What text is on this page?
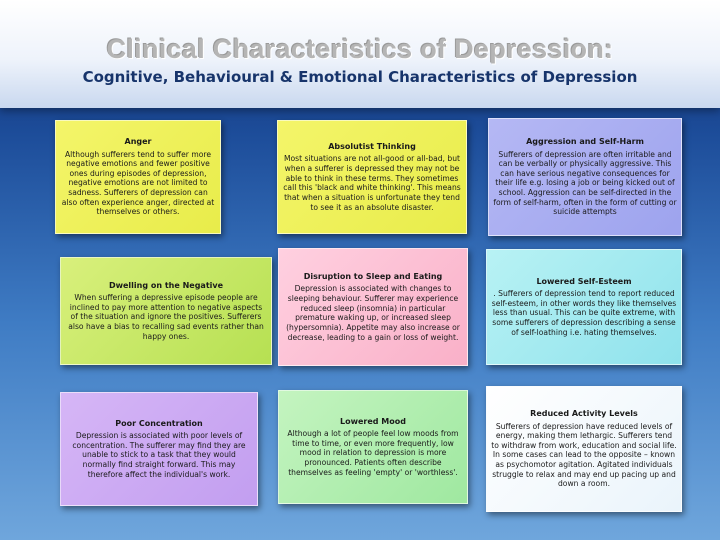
Clinical Characteristics of Depression:
Cognitive, Behavioural & Emotional Characteristics of Depression
Anger
Although sufferers tend to suffer more negative emotions and fewer positive ones during episodes of depression, negative emotions are not limited to sadness. Sufferers of depression can also often experience anger, directed at themselves or others.
Absolutist Thinking
Most situations are not all-good or all-bad, but when a sufferer is depressed they may not be able to think in these terms. They sometimes call this 'black and white thinking'. This means that when a situation is unfortunate they tend to see it as an absolute disaster.
Aggression and Self-Harm
Sufferers of depression are often irritable and can be verbally or physically aggressive. This can have serious negative consequences for their life e.g. losing a job or being kicked out of school. Aggression can be self-directed in the form of self-harm, often in the form of cutting or suicide attempts
Dwelling on the Negative
When suffering a depressive episode people are inclined to pay more attention to negative aspects of the situation and ignore the positives. Sufferers also have a bias to recalling sad events rather than happy ones.
Disruption to Sleep and Eating
Depression is associated with changes to sleeping behaviour. Sufferer may experience reduced sleep (insomnia) in particular premature waking up, or increased sleep (hypersomnia). Appetite may also increase or decrease, leading to a gain or loss of weight.
Lowered Self-Esteem
. Sufferers of depression tend to report reduced self-esteem, in other words they like themselves less than usual. This can be quite extreme, with some sufferers of depression describing a sense of self-loathing i.e. hating themselves.
Poor Concentration
Depression is associated with poor levels of concentration. The sufferer may find they are unable to stick to a task that they would normally find straight forward. This may therefore affect the individual's work.
Lowered Mood
Although a lot of people feel low moods from time to time, or even more frequently, low mood in relation to depression is more pronounced. Patients often describe themselves as feeling 'empty' or 'worthless'.
Reduced Activity Levels
Sufferers of depression have reduced levels of energy, making them lethargic. Sufferers tend to withdraw from work, education and social life. In some cases can lead to the opposite – known as psychomotor agitation. Agitated individuals struggle to relax and may end up pacing up and down a room.
